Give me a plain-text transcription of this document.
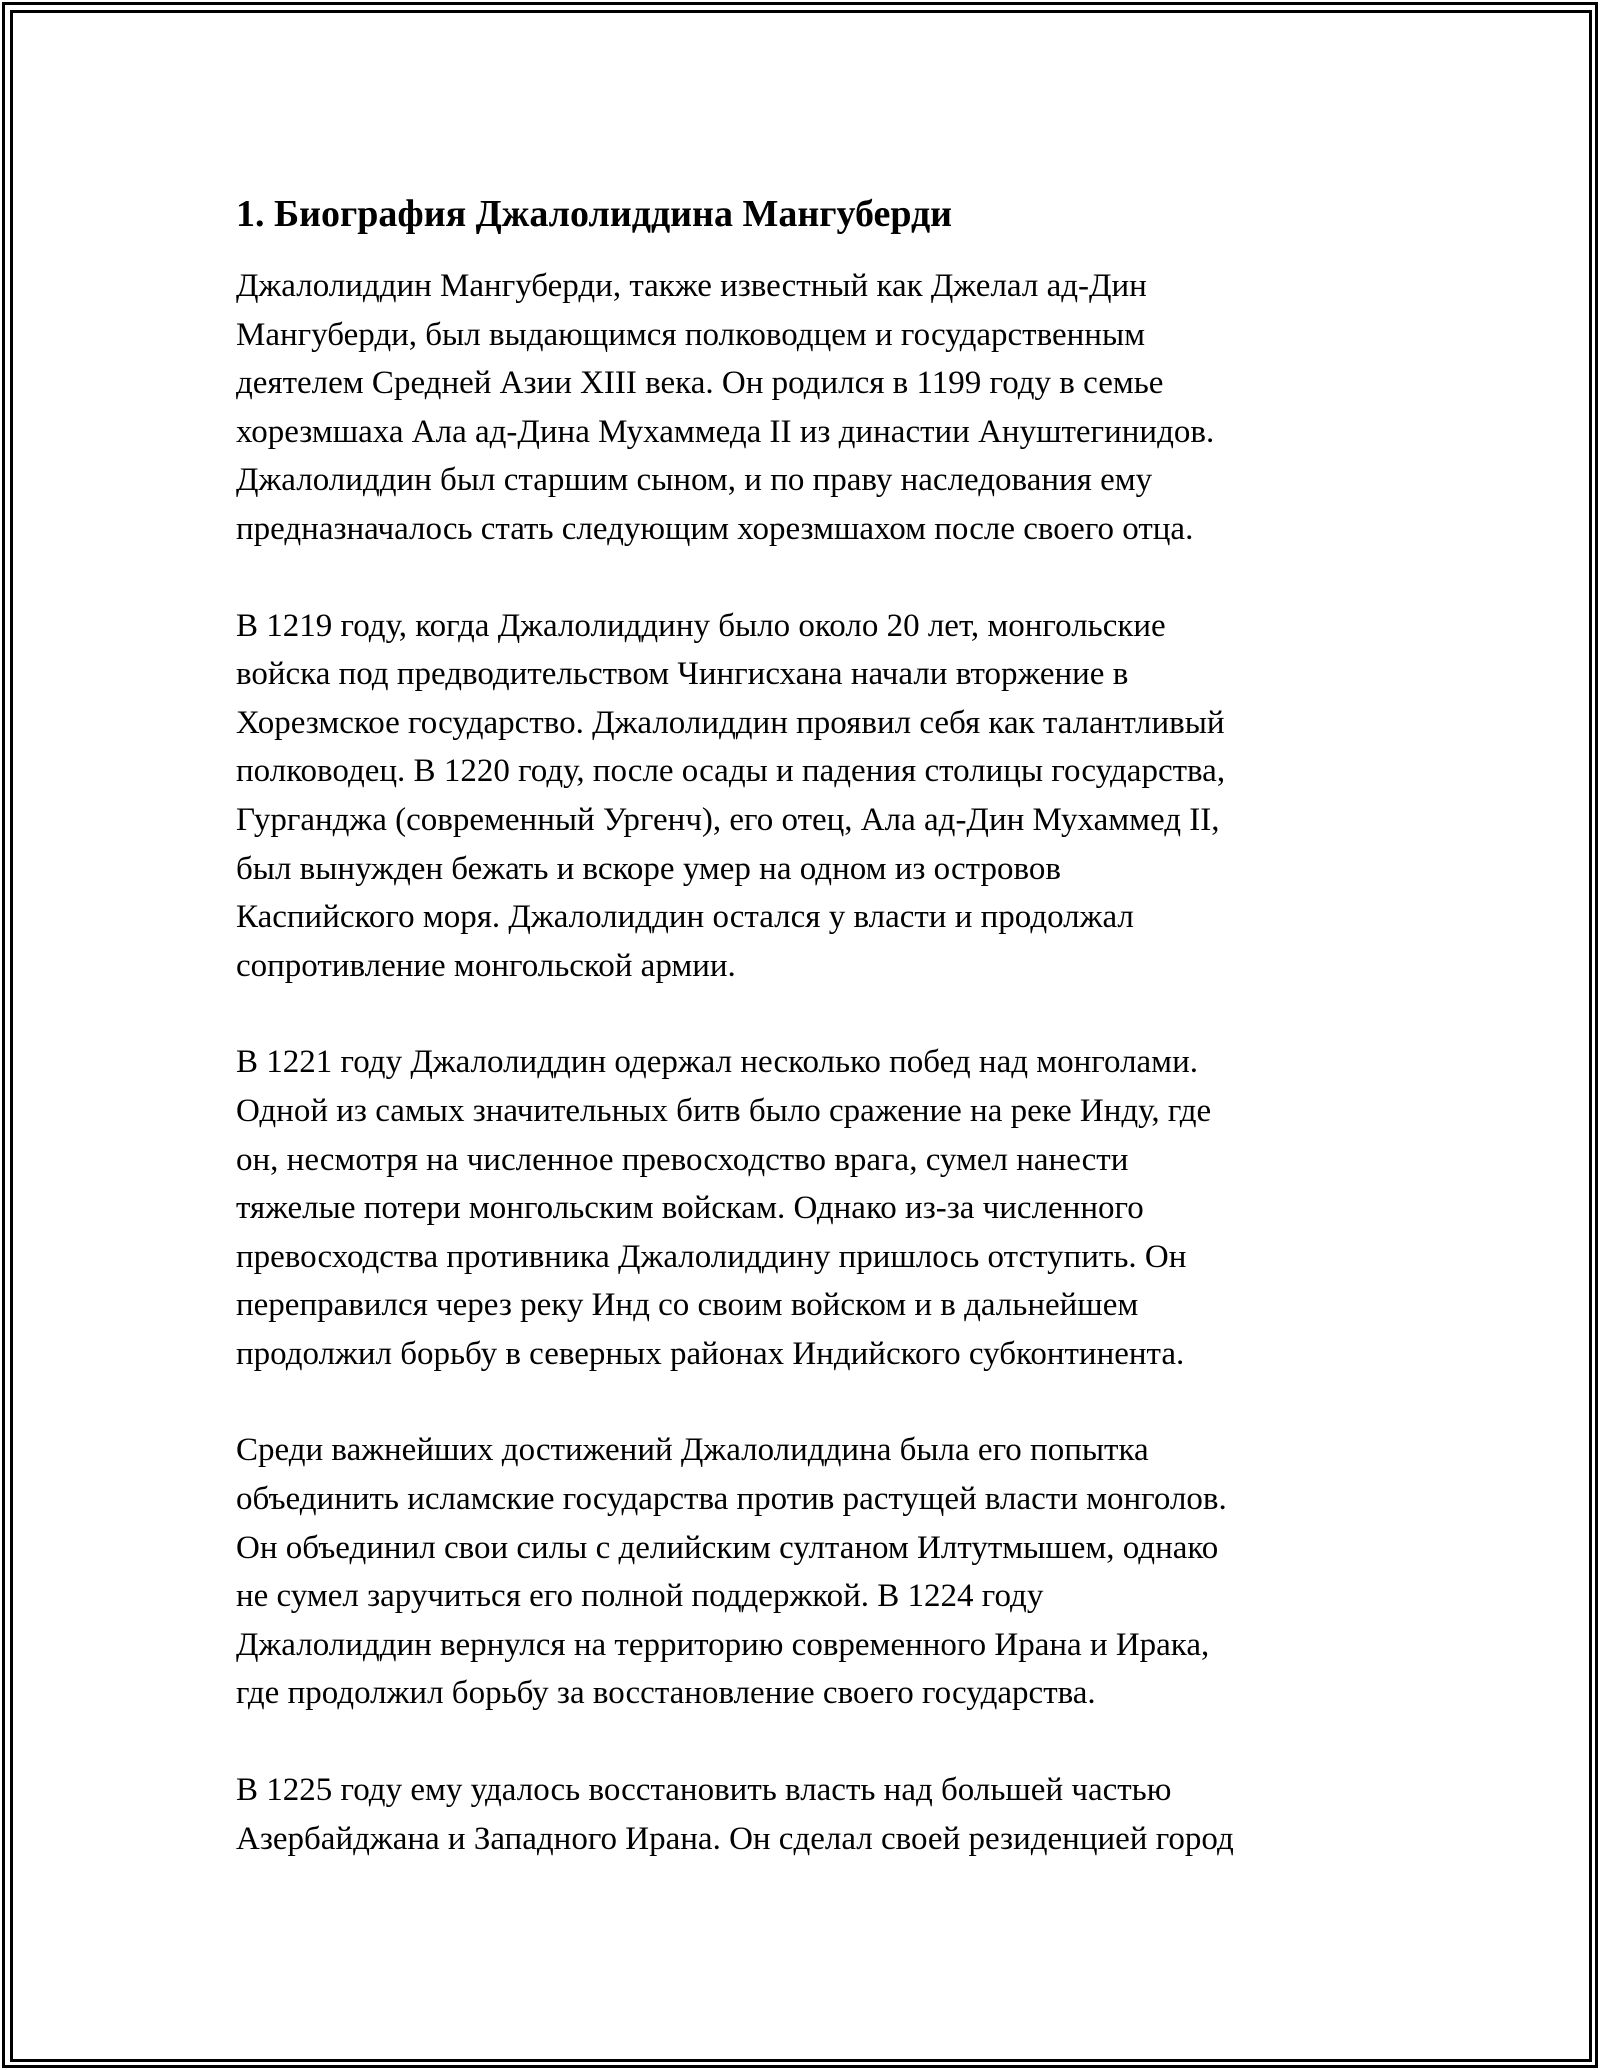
1. Биография Джалолиддина Мангуберди

Джалолиддин Мангуберди, также известный как Джелал ад-Дин
Мангуберди, был выдающимся полководцем и государственным
деятелем Средней Азии XIII века. Он родился в 1199 году в семье
хорезмшаха Ала ад-Дина Мухаммеда II из династии Ануштегинидов.
Джалолиддин был старшим сыном, и по праву наследования ему
предназначалось стать следующим хорезмшахом после своего отца.

В 1219 году, когда Джалолиддину было около 20 лет, монгольские
войска под предводительством Чингисхана начали вторжение в
Хорезмское государство. Джалолиддин проявил себя как талантливый
полководец. В 1220 году, после осады и падения столицы государства,
Гурганджа (современный Ургенч), его отец, Ала ад-Дин Мухаммед II,
был вынужден бежать и вскоре умер на одном из островов
Каспийского моря. Джалолиддин остался у власти и продолжал
сопротивление монгольской армии.

В 1221 году Джалолиддин одержал несколько побед над монголами.
Одной из самых значительных битв было сражение на реке Инду, где
он, несмотря на численное превосходство врага, сумел нанести
тяжелые потери монгольским войскам. Однако из-за численного
превосходства противника Джалолиддину пришлось отступить. Он
переправился через реку Инд со своим войском и в дальнейшем
продолжил борьбу в северных районах Индийского субконтинента.

Среди важнейших достижений Джалолиддина была его попытка
объединить исламские государства против растущей власти монголов.
Он объединил свои силы с делийским султаном Илтутмышем, однако
не сумел заручиться его полной поддержкой. В 1224 году
Джалолиддин вернулся на территорию современного Ирана и Ирака,
где продолжил борьбу за восстановление своего государства.

В 1225 году ему удалось восстановить власть над большей частью
Азербайджана и Западного Ирана. Он сделал своей резиденцией город
